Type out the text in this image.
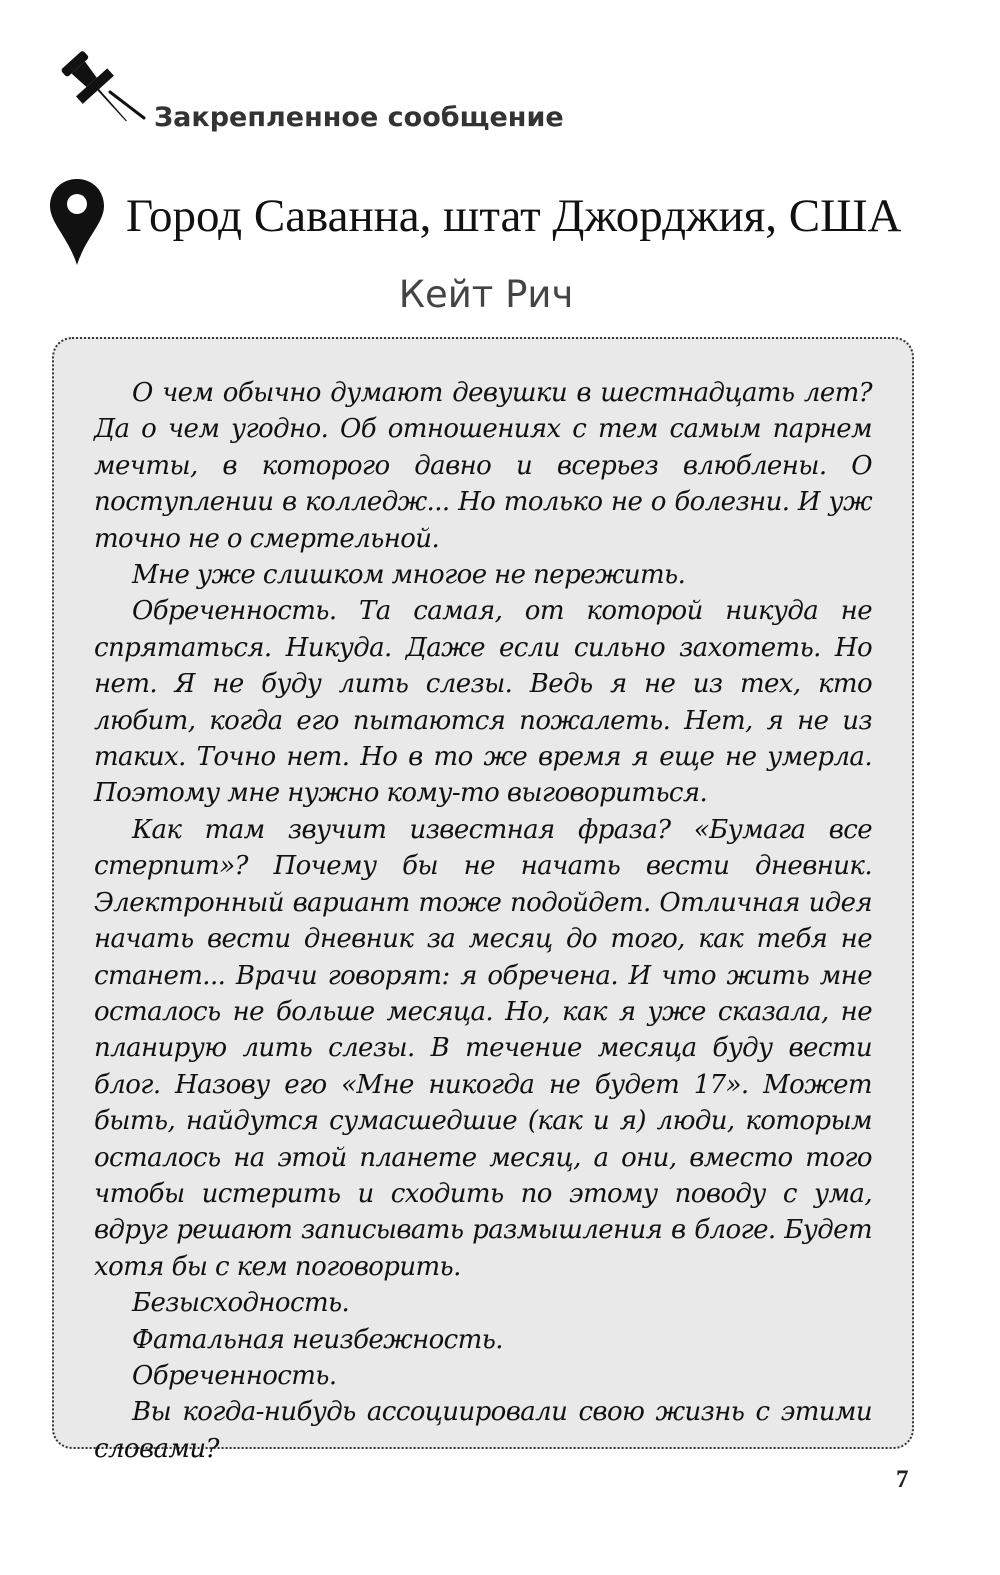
Закрепленное сообщение
Город Саванна, штат Джорджия, США
Кейт Рич

О чем обычно думают девушки в шестнадцать лет? Да о чем угодно. Об отношениях с тем самым парнем мечты, в которого давно и всерьез влюблены. О поступлении в колледж... Но только не о болезни. И уж точно не о смертельной.

Мне уже слишком многое не пережить.

Обреченность. Та самая, от которой никуда не спрятаться. Никуда. Даже если сильно захотеть. Но нет. Я не буду лить слезы. Ведь я не из тех, кто любит, когда его пытаются пожалеть. Нет, я не из таких. Точно нет. Но в то же время я еще не умерла. Поэтому мне нужно кому-то выговориться.

Как там звучит известная фраза? «Бумага все стерпит»? Почему бы не начать вести дневник. Электронный вариант тоже подойдет. Отличная идея начать вести дневник за месяц до того, как тебя не станет... Врачи говорят: я обречена. И что жить мне осталось не больше месяца. Но, как я уже сказала, не планирую лить слезы. В течение месяца буду вести блог. Назову его «Мне никогда не будет 17». Может быть, найдутся сумасшедшие (как и я) люди, которым осталось на этой планете месяц, а они, вместо того чтобы истерить и сходить по этому поводу с ума, вдруг решают записывать размышления в блоге. Будет хотя бы с кем поговорить.

Безысходность.

Фатальная неизбежность.

Обреченность.

Вы когда-нибудь ассоциировали свою жизнь с этими словами?

7
